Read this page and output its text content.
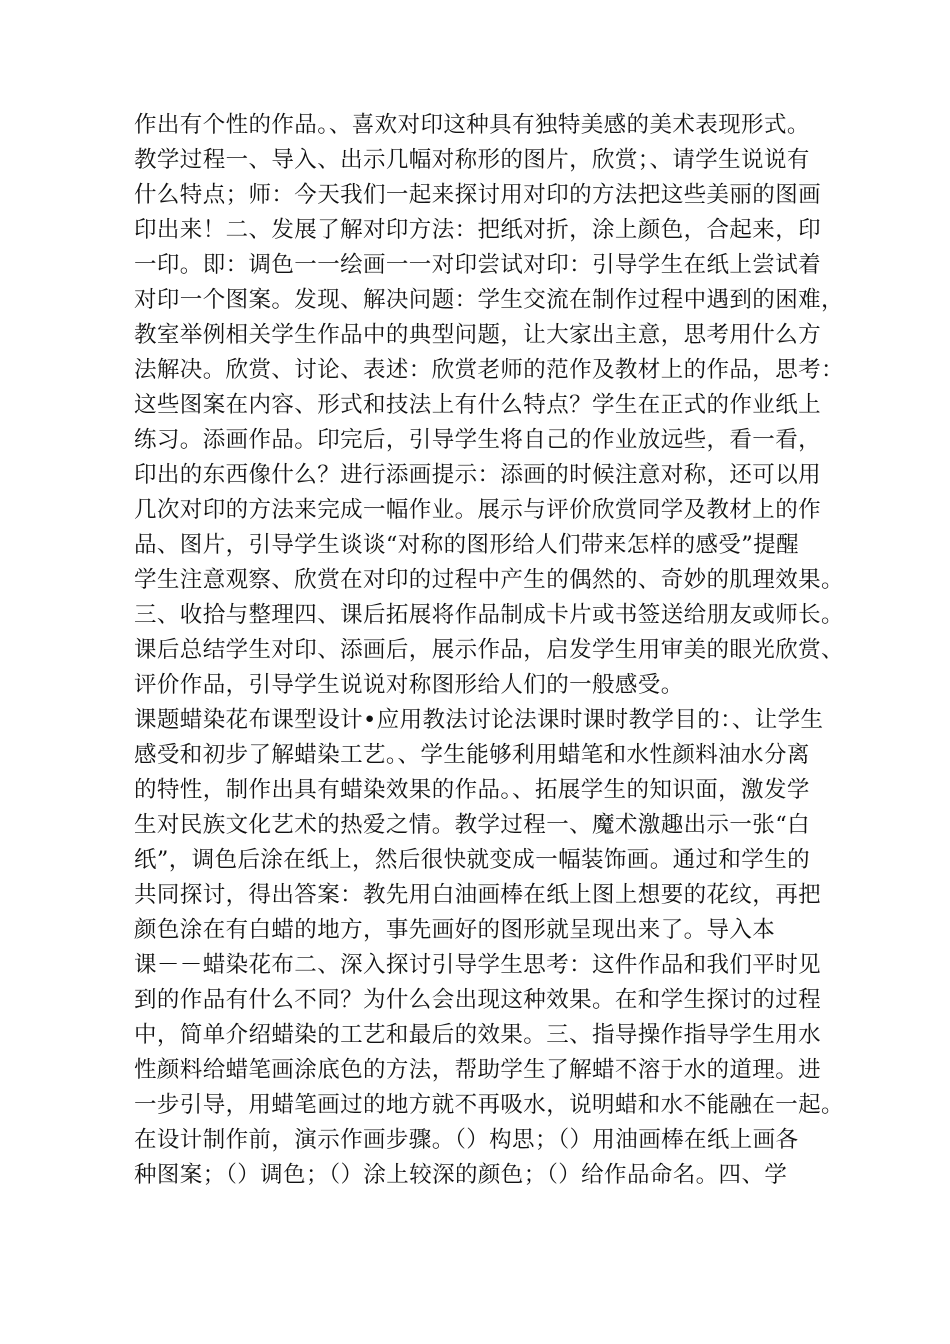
作出有个性的作品。、喜欢对印这种具有独特美感的美术表现形式。
教学过程一、导入、出示几幅对称形的图片，欣赏；、请学生说说有
什么特点；师：今天我们一起来探讨用对印的方法把这些美丽的图画
印出来！二、发展了解对印方法：把纸对折，涂上颜色，合起来，印
一印。即：调色一一绘画一一对印尝试对印：引导学生在纸上尝试着
对印一个图案。发现、解决问题：学生交流在制作过程中遇到的困难，
教室举例相关学生作品中的典型问题，让大家出主意，思考用什么方
法解决。欣赏、讨论、表述：欣赏老师的范作及教材上的作品，思考：
这些图案在内容、形式和技法上有什么特点？学生在正式的作业纸上
练习。添画作品。印完后，引导学生将自己的作业放远些，看一看，
印出的东西像什么？进行添画提示：添画的时候注意对称，还可以用
几次对印的方法来完成一幅作业。展示与评价欣赏同学及教材上的作
品、图片，引导学生谈谈“对称的图形给人们带来怎样的感受”提醒
学生注意观察、欣赏在对印的过程中产生的偶然的、奇妙的肌理效果。
三、收拾与整理四、课后拓展将作品制成卡片或书签送给朋友或师长。
课后总结学生对印、添画后，展示作品，启发学生用审美的眼光欣赏、
评价作品，引导学生说说对称图形给人们的一般感受。
课题蜡染花布课型设计•应用教法讨论法课时课时教学目的：、让学生
感受和初步了解蜡染工艺。、学生能够利用蜡笔和水性颜料油水分离
的特性，制作出具有蜡染效果的作品。、拓展学生的知识面，激发学
生对民族文化艺术的热爱之情。教学过程一、魔术激趣出示一张“白
纸”，调色后涂在纸上，然后很快就变成一幅装饰画。通过和学生的
共同探讨，得出答案：教先用白油画棒在纸上图上想要的花纹，再把
颜色涂在有白蜡的地方，事先画好的图形就呈现出来了。导入本
课－－蜡染花布二、深入探讨引导学生思考：这件作品和我们平时见
到的作品有什么不同？为什么会出现这种效果。在和学生探讨的过程
中，简单介绍蜡染的工艺和最后的效果。三、指导操作指导学生用水
性颜料给蜡笔画涂底色的方法，帮助学生了解蜡不溶于水的道理。进
一步引导，用蜡笔画过的地方就不再吸水，说明蜡和水不能融在一起。
在设计制作前，演示作画步骤。（）构思；（）用油画棒在纸上画各
种图案；（）调色；（）涂上较深的颜色；（）给作品命名。四、学
